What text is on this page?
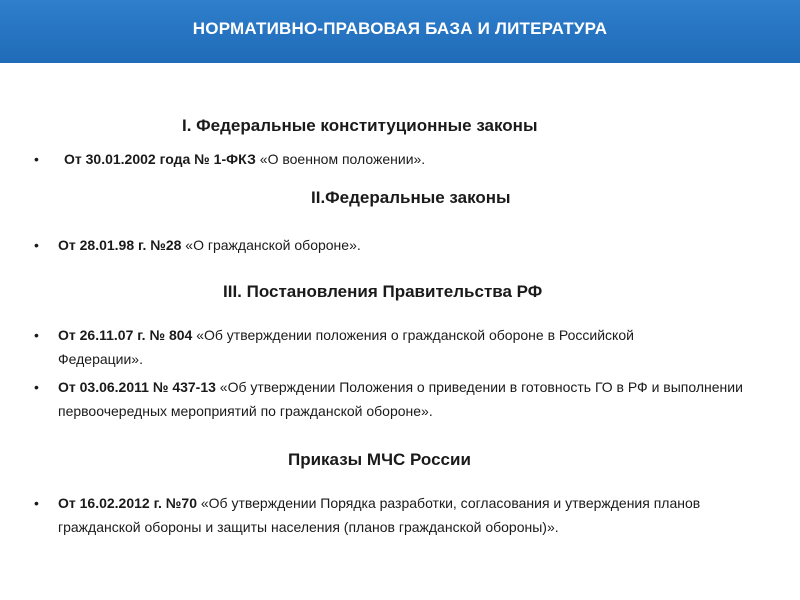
НОРМАТИВНО-ПРАВОВАЯ БАЗА И ЛИТЕРАТУРА
I. Федеральные конституционные законы
• От 30.01.2002 года № 1-ФКЗ «О военном положении».
II.Федеральные законы
• От 28.01.98 г. №28 «О гражданской обороне».
III. Постановления Правительства РФ
• От 26.11.07 г. № 804 «Об утверждении положения о гражданской обороне в Российской Федерации».
• От 03.06.2011 № 437-13 «Об утверждении Положения о приведении в готовность ГО в РФ и выполнении первоочередных мероприятий по гражданской обороне».
Приказы МЧС России
• От 16.02.2012 г. №70 «Об утверждении Порядка разработки, согласования и утверждения планов гражданской обороны и защиты населения (планов гражданской обороны)».
